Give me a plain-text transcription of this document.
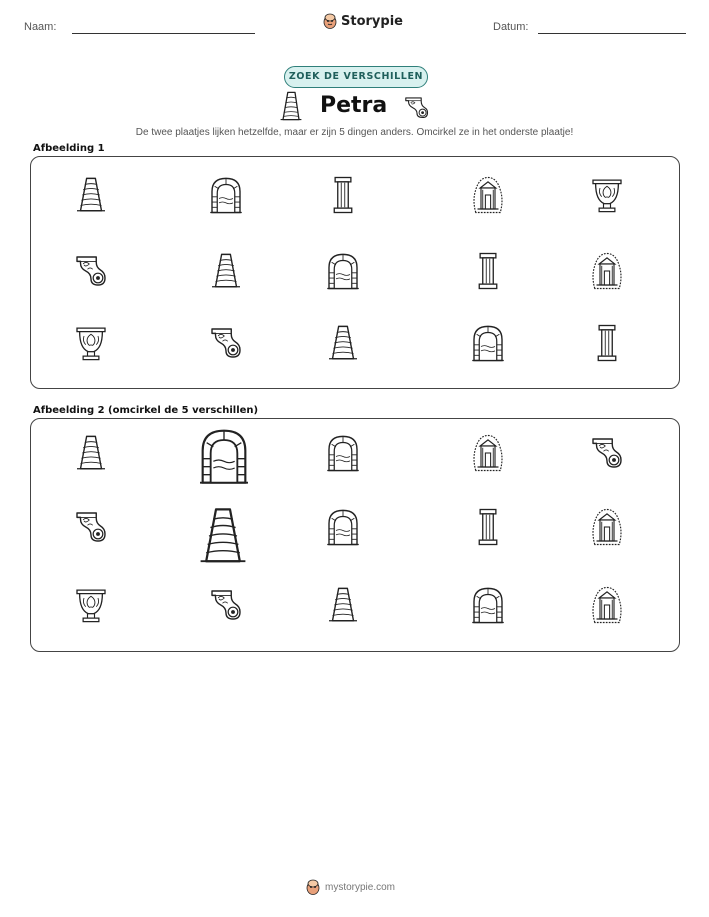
Naam:	Storypie	Datum:
ZOEK DE VERSCHILLEN
Petra
De twee plaatjes lijken hetzelfde, maar er zijn 5 dingen anders. Omcirkel ze in het onderste plaatje!
Afbeelding 1
Afbeelding 2 (omcirkel de 5 verschillen)
mystorypie.com
